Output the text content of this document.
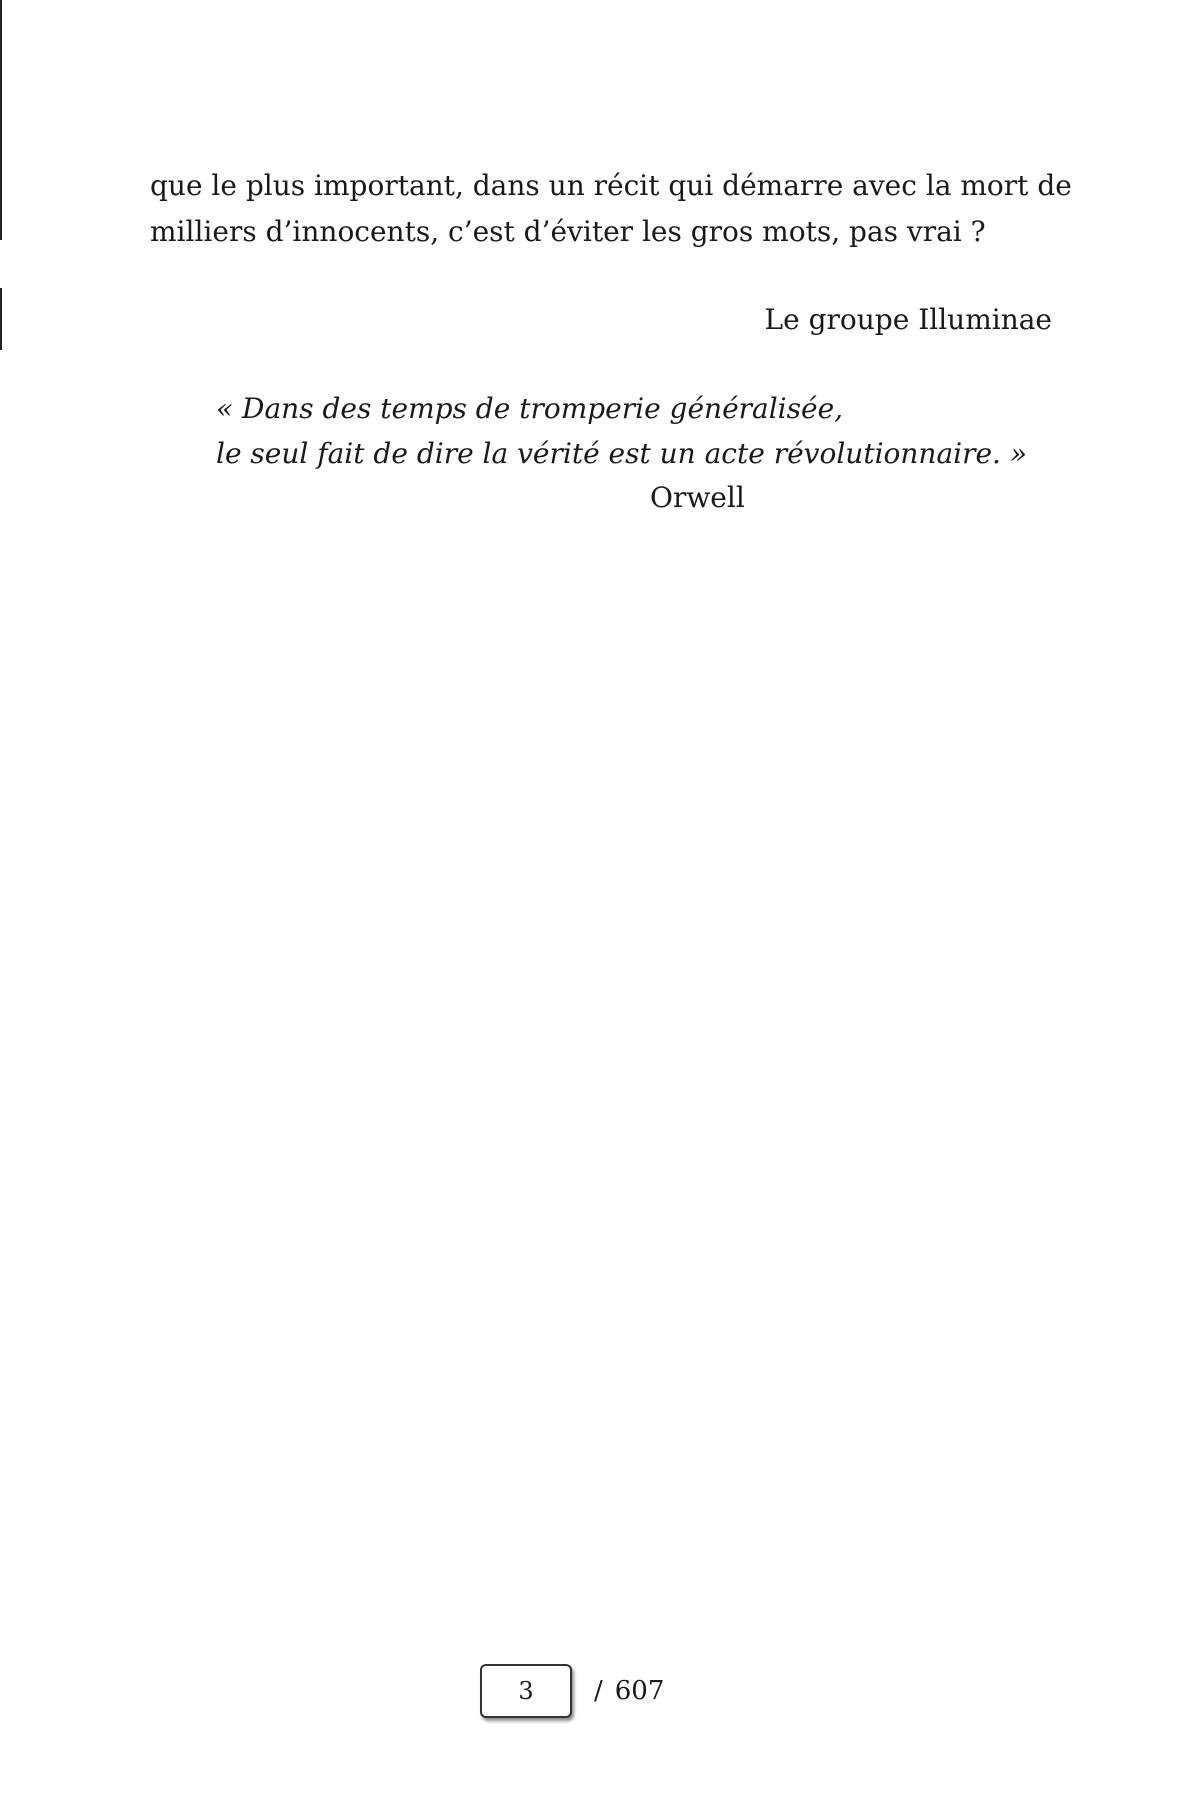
que le plus important, dans un récit qui démarre avec la mort de
milliers d’innocents, c’est d’éviter les gros mots, pas vrai ?
Le groupe Illuminae
« Dans des temps de tromperie généralisée,
le seul fait de dire la vérité est un acte révolutionnaire. »
Orwell
3 / 607
